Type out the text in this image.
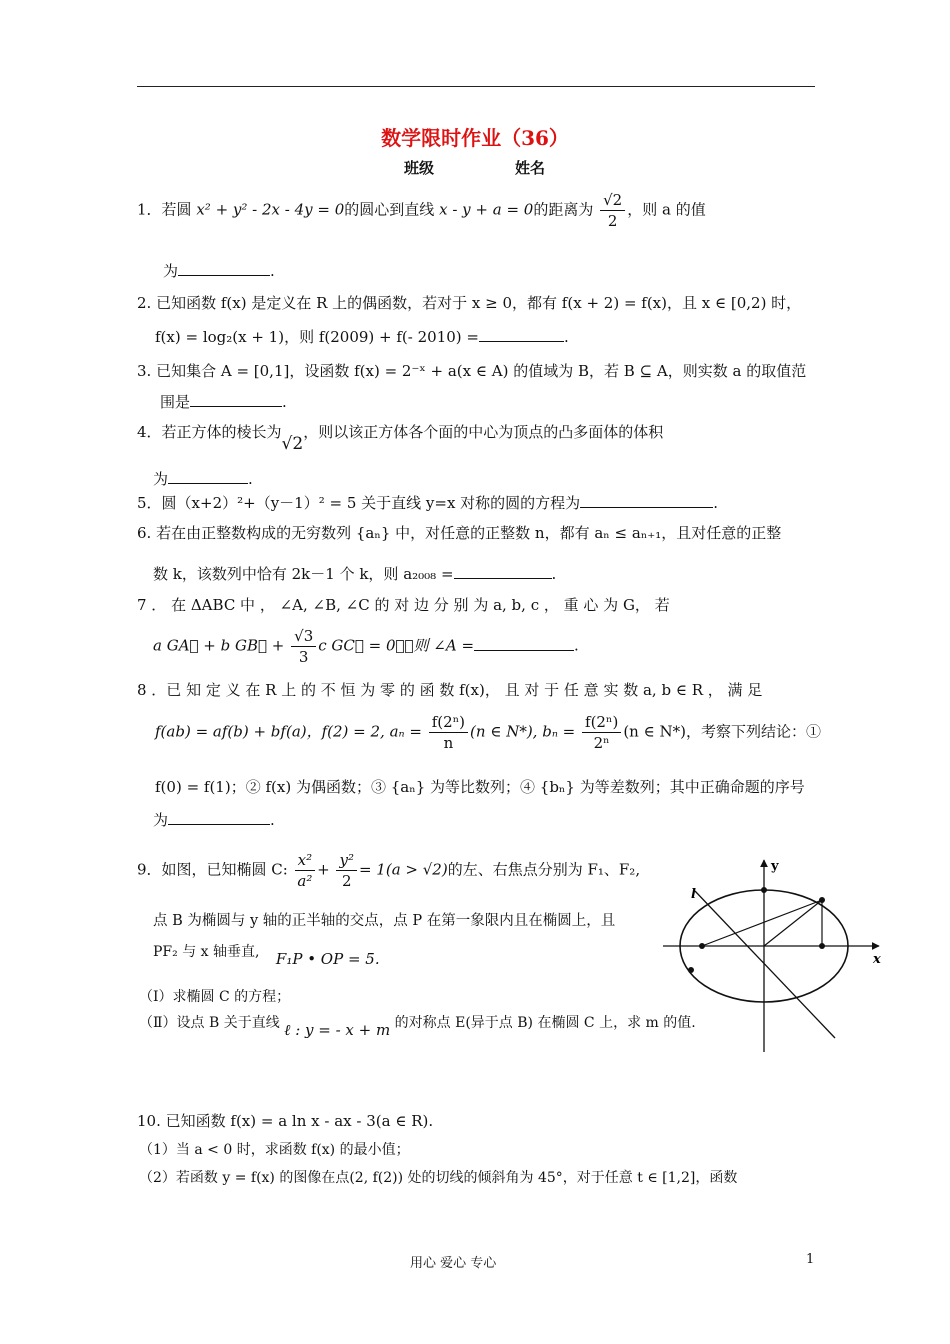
数学限时作业（36）
班级	姓名
1．若圆 x² + y² - 2x - 4y = 0的圆心到直线 x - y + a = 0的距离为 $\frac{√2}{2}$ ，则 a 的值
为	.
2. 已知函数 f(x) 是定义在 R 上的偶函数，若对于 x ≥ 0，都有 f(x + 2) = f(x)，且 x ∈ [0,2) 时，
f(x) = log₂(x + 1)，则 f(2009) + f(- 2010) =	.
3. 已知集合 A = [0,1]，设函数 f(x) = 2⁻ˣ + a(x ∈ A) 的值域为 B，若 B ⊆ A，则实数 a 的取值范
围是	.
4．若正方体的棱长为√2，则以该正方体各个面的中心为顶点的凸多面体的体积
为	.
5．圆（x+2）²+（y－1）² = 5 关于直线 y=x 对称的圆的方程为	.
6. 若在由正整数构成的无穷数列 {aₙ} 中，对任意的正整数 n，都有 aₙ ≤ aₙ₊₁，且对任意的正整
数 k，该数列中恰有 2k－1 个 k，则 a₂₀₀₈ =	.
7 ． 在 ΔABC 中 ， ∠A, ∠B, ∠C 的 对 边 分 别 为 a, b, c ， 重 心 为 G， 若
a GA⃗ + b GB⃗ + $\frac{√3}{3}$ c GC⃗ = 0⃗，则 ∠A =	.
8 ．已 知 定 义 在 R 上 的 不 恒 为 零 的 函 数 f(x)， 且 对 于 任 意 实 数 a, b ∈ R ， 满 足
f(ab) = af(b) + bf(a)，f(2) = 2, $a_n = \frac{\text{f(2ⁿ)}}{n} (n$ ∈ N*), $b_n = \frac{\text{f(2ⁿ)}}{\text{2ⁿ}} (n$ ∈ N*)，考察下列结论：①
f(0) = f(1)；② f(x) 为偶函数；③ {aₙ} 为等比数列；④ {bₙ} 为等差数列；其中正确命题的序号
为	.
9．如图，已知椭圆 C: $\frac{\text{x²}}{\text{a²}} + \frac{\text{y²}}{2} = 1(a > √2)$的左、右焦点分别为 F₁、F₂,
点 B 为椭圆与 y 轴的正半轴的交点，点 P 在第一象限内且在椭圆上，且
PF₂ 与 x 轴垂直, F₁P • OP = 5.
（Ⅰ）求椭圆 C 的方程；
（Ⅱ）设点 B 关于直线 ℓ : y = - x + m 的对称点 E(异于点 B) 在椭圆 C 上，求 m 的值.
y
x
l
10. 已知函数 f(x) = a ln x - ax - 3(a ∈ R).
（1）当 a < 0 时，求函数 f(x) 的最小值；
（2）若函数 y = f(x) 的图像在点(2, f(2)) 处的切线的倾斜角为 45°，对于任意 t ∈ [1,2]，函数
用心 爱心 专心	1
